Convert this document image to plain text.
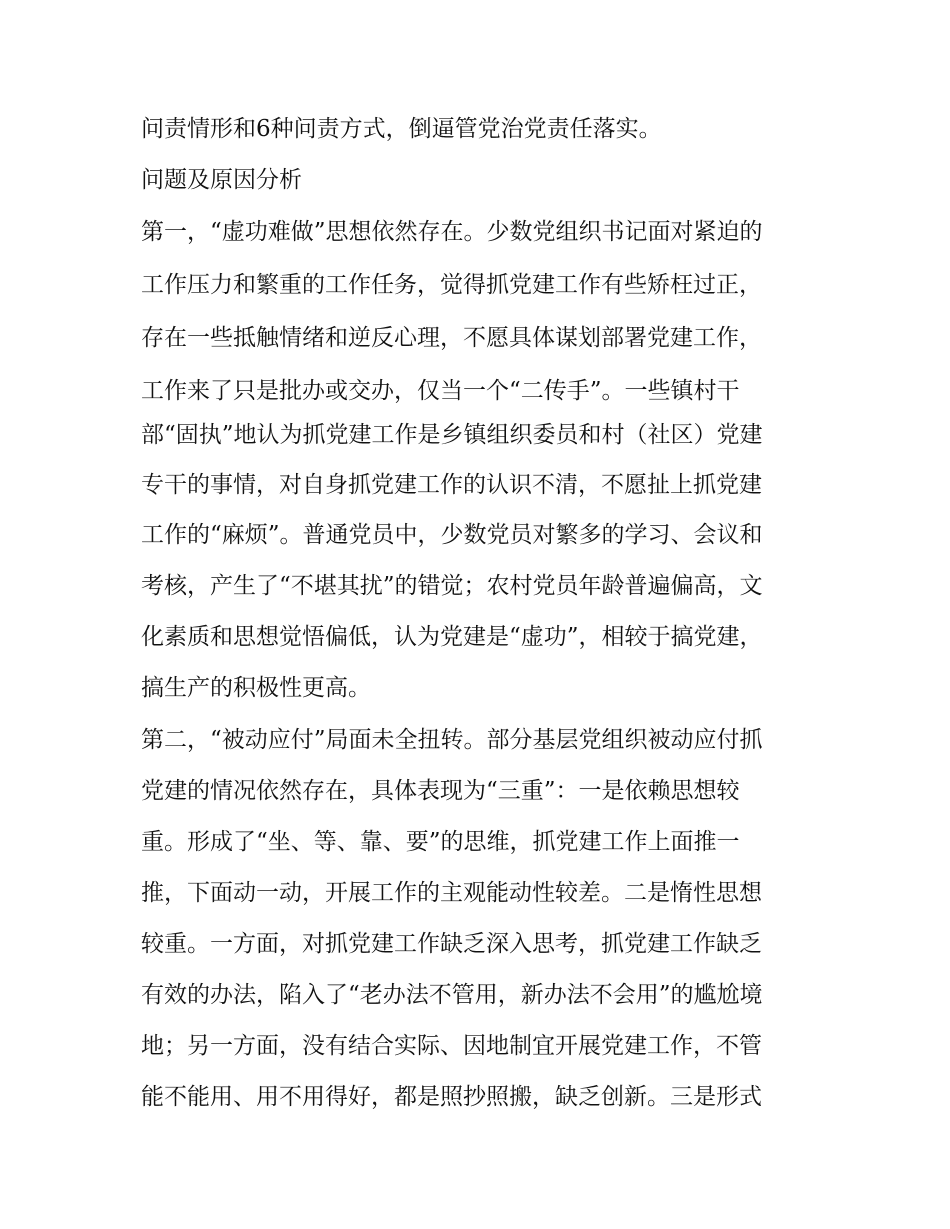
问责情形和6种问责方式，倒逼管党治党责任落实。
问题及原因分析
第一，“虚功难做”思想依然存在。少数党组织书记面对紧迫的
工作压力和繁重的工作任务，觉得抓党建工作有些矫枉过正，
存在一些抵触情绪和逆反心理，不愿具体谋划部署党建工作，
工作来了只是批办或交办，仅当一个“二传手”。一些镇村干
部“固执”地认为抓党建工作是乡镇组织委员和村（社区）党建
专干的事情，对自身抓党建工作的认识不清，不愿扯上抓党建
工作的“麻烦”。普通党员中，少数党员对繁多的学习、会议和
考核，产生了“不堪其扰”的错觉；农村党员年龄普遍偏高，文
化素质和思想觉悟偏低，认为党建是“虚功”，相较于搞党建，
搞生产的积极性更高。
第二，“被动应付”局面未全扭转。部分基层党组织被动应付抓
党建的情况依然存在，具体表现为“三重”：一是依赖思想较
重。形成了“坐、等、靠、要”的思维，抓党建工作上面推一
推，下面动一动，开展工作的主观能动性较差。二是惰性思想
较重。一方面，对抓党建工作缺乏深入思考，抓党建工作缺乏
有效的办法，陷入了“老办法不管用，新办法不会用”的尴尬境
地；另一方面，没有结合实际、因地制宜开展党建工作，不管
能不能用、用不用得好，都是照抄照搬，缺乏创新。三是形式
